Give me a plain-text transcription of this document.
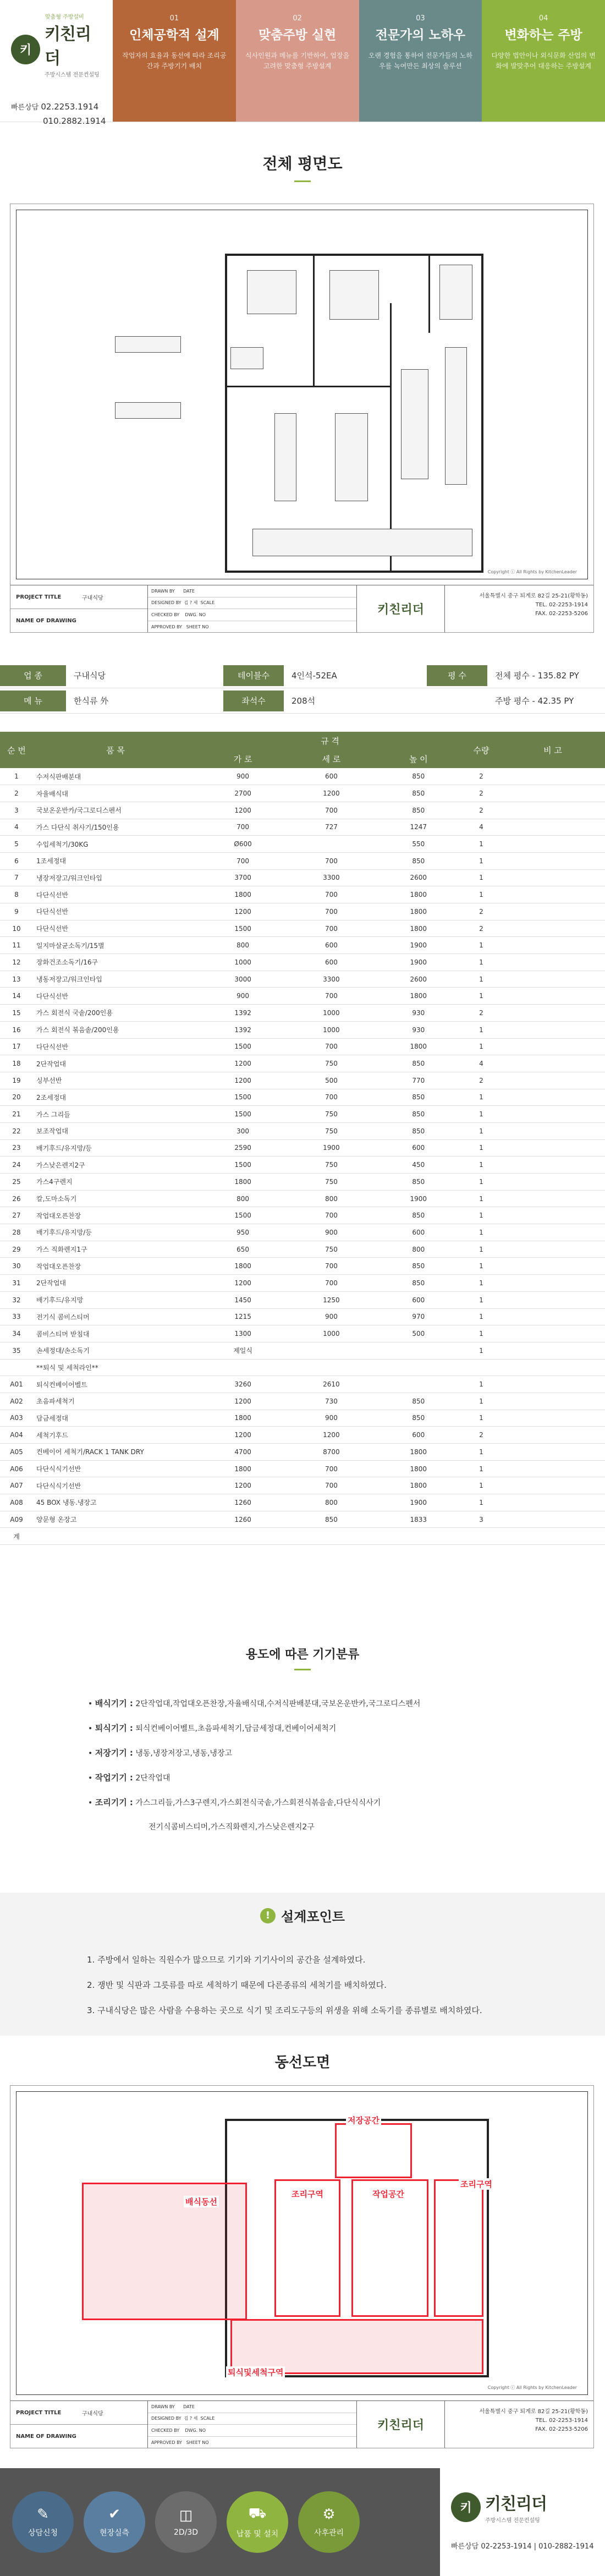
맞춤형 주방설비
키
키친리더
주방시스템 전문컨설팅
빠른상담 02.2253.1914
010.2882.1914
01
인체공학적 설계
작업자의 효율과 동선에 따라 조리공간과 주방기기 배치
02
맞춤주방 실현
식사인원과 메뉴를 기반하여, 업장을 고려한 맞춤형 주방설계
03
전문가의 노하우
오랜 경험을 통하여 전문가들의 노하우를 녹여만든 최상의 솔루션
04
변화하는 주방
다양한 법안이나 외식문화 산업의 변화에 발맞추어 대응하는 주방설계
전체 평면도
Copyright ⓒ All Rights by KitchenLeader
PROJECT TITLE	구내식당
NAME OF DRAWING
DRAWN BY
DATE
DESIGNED BY
김 ? 세
SCALE
CHECKED BY
DWG. NO
APPROVED BY
SHEET NO
키친리더
서울특별시 중구 퇴계로 82길 25-21(황학동)
TEL. 02-2253-1914
FAX. 02-2253-5206
업 종	구내식당	테이블수	4인석-52EA	평 수	전체 평수 - 135.82 PY
메 뉴	한식류 外	좌석수	208석	주방 평수 - 42.35 PY
순 번	품 목	규 격			수량	비 고
		가 로	세 로	높 이		
1	수저식판배분대	900	600	850	2	
2	자율배식대	2700	1200	850	2	
3	국보온운반카/국그로디스펜서	1200	700	850	2	
4	가스 다단식 취사기/150인용	700	727	1247	4	
5	수입세척기/30KG	Ø600		550	1	
6	1조세정대	700	700	850	1	
7	냉장저장고/워크인타입	3700	3300	2600	1	
8	다단식선반	1800	700	1800	1	
9	다단식선반	1200	700	1800	2	
10	다단식선반	1500	700	1800	2	
11	일지마살균소독기/15별	800	600	1900	1	
12	장화건조소독기/16구	1000	600	1900	1	
13	냉동저장고/워크인타입	3000	3300	2600	1	
14	다단식선반	900	700	1800	1	
15	가스 회전식 국솥/200인용	1392	1000	930	2	
16	가스 회전식 볶음솥/200인용	1392	1000	930	1	
17	다단식선반	1500	700	1800	1	
18	2단작업대	1200	750	850	4	
19	싱부선반	1200	500	770	2	
20	2조세정대	1500	700	850	1	
21	가스 그리들	1500	750	850	1	
22	보조작업대	300	750	850	1	
23	배기후드/유지망/등	2590	1900	600	1	
24	가스낮은렌지2구	1500	750	450	1	
25	가스4구렌지	1800	750	850	1	
26	칼,도마소독기	800	800	1900	1	
27	작업대오픈찬장	1500	700	850	1	
28	배기후드/유지망/등	950	900	600	1	
29	가스 직화렌지1구	650	750	800	1	
30	작업대오픈찬장	1800	700	850	1	
31	2단작업대	1200	700	850	1	
32	배기후드/유지망	1450	1250	600	1	
33	전기식 콤비스티머	1215	900	970	1	
34	콤비스티머 받침대	1300	1000	500	1	
35	손세정대/손소독기	제일식			1	
	**퇴식 및 세척라인**					
A01	퇴식컨베이어벨트	3260	2610		1	
A02	초음파세척기	1200	730	850	1	
A03	담금세정대	1800	900	850	1	
A04	세척기후드	1200	1200	600	2	
A05	컨베이어 세척기/RACK 1 TANK DRY	4700	8700	1800	1	
A06	다단식식기선반	1800	700	1800	1	
A07	다단식식기선반	1200	700	1800	1	
A08	45 BOX 냉동.냉장고	1260	800	1900	1	
A09	양문형 온장고	1260	850	1833	3	
계						
용도에 따른 기기분류
• 배식기기 : 2단작업대,작업대오픈찬장,자율배식대,수저식판배분대,국보온운반카,국그로디스펜서
• 퇴식기기 : 퇴식컨베이어벨트,초음파세척기,담금세정대,컨베이어세척기
• 저장기기 : 냉동,냉장저장고,냉동,냉장고
• 작업기기 : 2단작업대
• 조리기기 : 가스그리들,가스3구렌지,가스회전식국솥,가스회전식볶음솥,다단식식사기
전기식콤비스티머,가스직화렌지,가스낮은렌지2구
! 설계포인트
1. 주방에서 일하는 직원수가 많으므로 기기와 기기사이의 공간을 설계하였다.
2. 쟁반 및 식판과 그릇류를 따로 세척하기 때문에 다른종류의 세척기를 배치하였다.
3. 구내식당은 많은 사람을 수용하는 곳으로 식기 및 조리도구등의 위생을 위해 소독기를 종류별로 배치하였다.
동선도면
저장공간
배식동선
조리구역	작업공간
조리구역
퇴식및세척구역
Copyright ⓒ All Rights by KitchenLeader
PROJECT TITLE	구내식당
NAME OF DRAWING
DRAWN BY
DATE
DESIGNED BY
김 ? 세
SCALE
CHECKED BY
DWG. NO
APPROVED BY
SHEET NO
키친리더
서울특별시 중구 퇴계로 82길 25-21(황학동)
TEL. 02-2253-1914
FAX. 02-2253-5206
✎
상담신청
✔
현장실측
◫
2D/3D
⛟
납품 및 설치
⚙
사후관리
키 키친리더
주방시스템 전문컨설팅
빠른상담 02-2253-1914 | 010-2882-1914
